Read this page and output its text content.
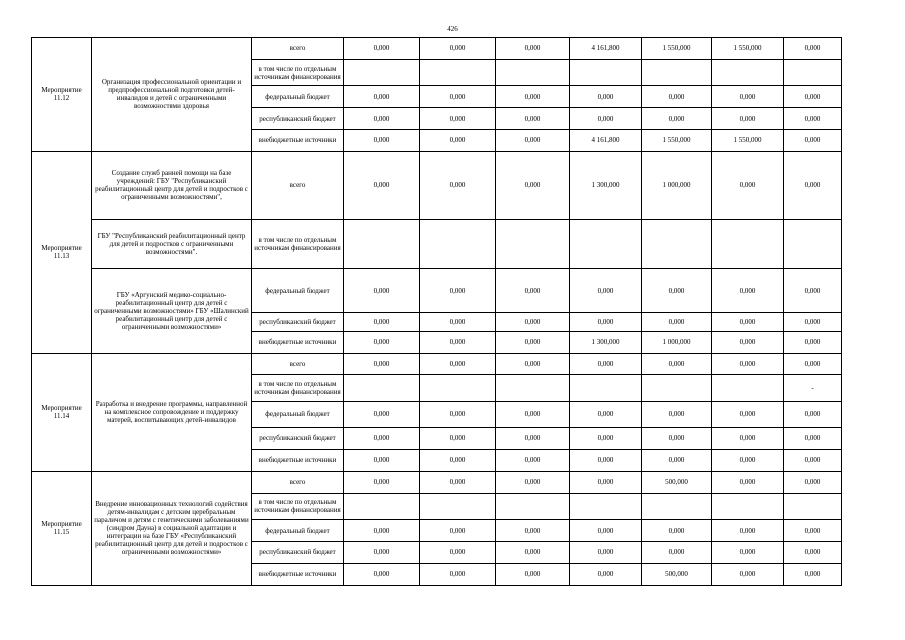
426
Мероприятие 11.12	Организация профессиональной ориентации и предпрофессиональной подготовки детей-инвалидов и детей с ограниченными возможностями здоровья	всего	0,000	0,000	0,000	4 161,800	1 550,000	1 550,000	0,000
		в том числе по отдельным источникам финансирования							
		федеральный бюджет	0,000	0,000	0,000	0,000	0,000	0,000	0,000
		республиканский бюджет	0,000	0,000	0,000	0,000	0,000	0,000	0,000
		внебюджетные источники	0,000	0,000	0,000	4 161,800	1 550,000	1 550,000	0,000
Мероприятие 11.13	Создание служб ранней помощи на базе учреждений: ГБУ "Республиканский реабилитационный центр для детей и подростков с ограниченными возможностями",	всего	0,000	0,000	0,000	1 300,000	1 000,000	0,000	0,000
	ГБУ "Республиканский реабилитационный центр для детей и подростков с ограниченными возможностями".	в том числе по отдельным источникам финансирования							
	ГБУ «Аргунский медико-социально-реабилитационный центр для детей с ограниченными возможностями» ГБУ «Шалинский реабилитационный центр для детей с ограниченными возможностями»	федеральный бюджет	0,000	0,000	0,000	0,000	0,000	0,000	0,000
		республиканский бюджет	0,000	0,000	0,000	0,000	0,000	0,000	0,000
		внебюджетные источники	0,000	0,000	0,000	1 300,000	1 000,000	0,000	0,000
Мероприятие 11.14	Разработка и внедрение программы, направленной на комплексное сопровождение и поддержку матерей, воспитывающих детей-инвалидов	всего	0,000	0,000	0,000	0,000	0,000	0,000	0,000
		в том числе по отдельным источникам финансирования							-
		федеральный бюджет	0,000	0,000	0,000	0,000	0,000	0,000	0,000
		республиканский бюджет	0,000	0,000	0,000	0,000	0,000	0,000	0,000
		внебюджетные источники	0,000	0,000	0,000	0,000	0,000	0,000	0,000
Мероприятие 11.15	Внедрение инновационных технологий содействия детям-инвалидам с детским церебральным параличом и детям с генетическими заболеваниями (синдром Дауна) в социальной адаптации и интеграции на базе ГБУ «Республиканский реабилитационный центр для детей и подростков с ограниченными возможностями»	всего	0,000	0,000	0,000	0,000	500,000	0,000	0,000
		в том числе по отдельным источникам финансирования							
		федеральный бюджет	0,000	0,000	0,000	0,000	0,000	0,000	0,000
		республиканский бюджет	0,000	0,000	0,000	0,000	0,000	0,000	0,000
		внебюджетные источники	0,000	0,000	0,000	0,000	500,000	0,000	0,000
